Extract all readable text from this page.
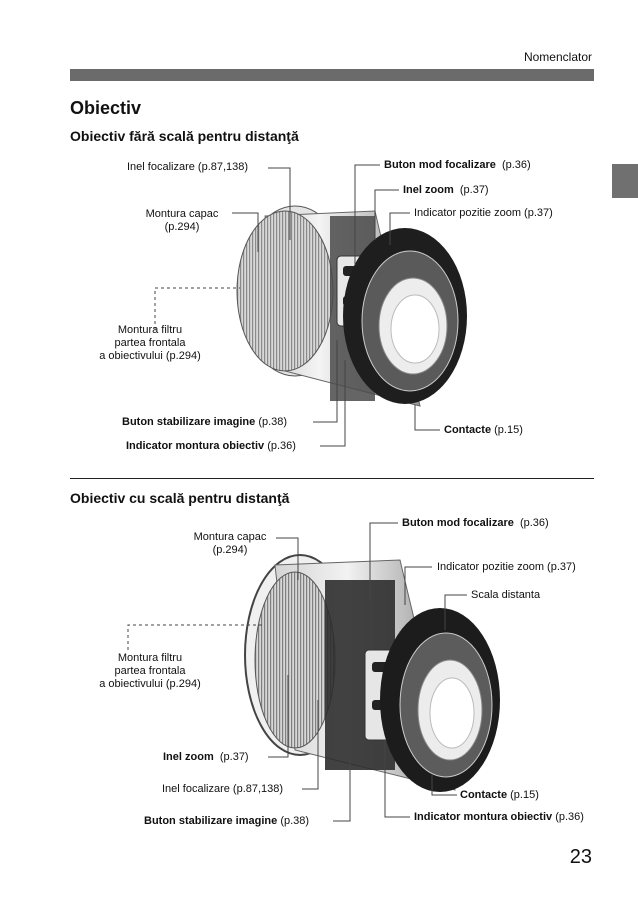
Nomenclator
Obiectiv
Obiectiv fără scală pentru distanţă
Inel focalizare (p.87,138)
Montura capac
(p.294)
Montura filtru
partea frontala
a obiectivului (p.294)
Buton stabilizare imagine (p.38)
Indicator montura obiectiv (p.36)
Buton mod focalizare (p.36)
Inel zoom (p.37)
Indicator pozitie zoom (p.37)
Contacte (p.15)
Obiectiv cu scală pentru distanţă
Montura capac
(p.294)
Montura filtru
partea frontala
a obiectivului (p.294)
Inel zoom (p.37)
Inel focalizare (p.87,138)
Buton stabilizare imagine (p.38)
Buton mod focalizare (p.36)
Indicator pozitie zoom (p.37)
Scala distanta
Contacte (p.15)
Indicator montura obiectiv (p.36)
23
